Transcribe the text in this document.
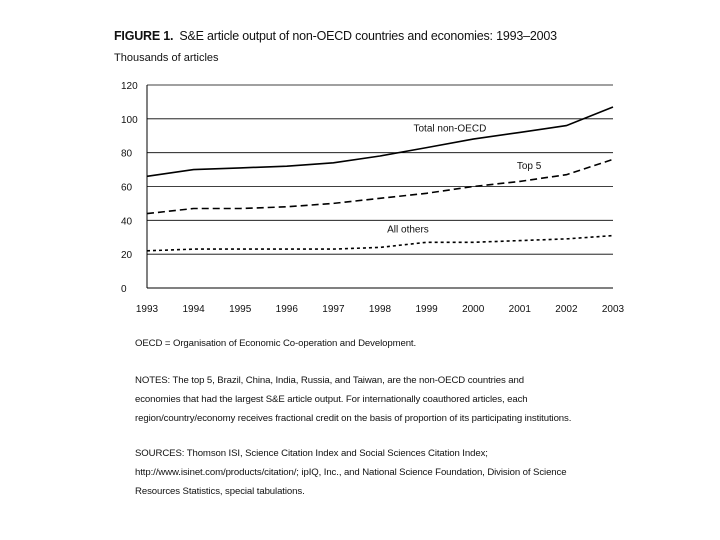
FIGURE 1. S&E article output of non-OECD countries and economies: 1993–2003
Thousands of articles
0
20
40
60
80
100
120
1993 1994 1995 1996 1997 1998 1999 2000 2001 2002 2003
Total non-OECD
Top 5
All others
OECD = Organisation of Economic Co-operation and Development.

NOTES: The top 5, Brazil, China, India, Russia, and Taiwan, are the non-OECD countries and

economies that had the largest S&E article output. For internationally coauthored articles, each

region/country/economy receives fractional credit on the basis of proportion of its participating institutions.

SOURCES: Thomson ISI, Science Citation Index and Social Sciences Citation Index;

http://www.isinet.com/products/citation/; ipIQ, Inc., and National Science Foundation, Division of Science

Resources Statistics, special tabulations.
